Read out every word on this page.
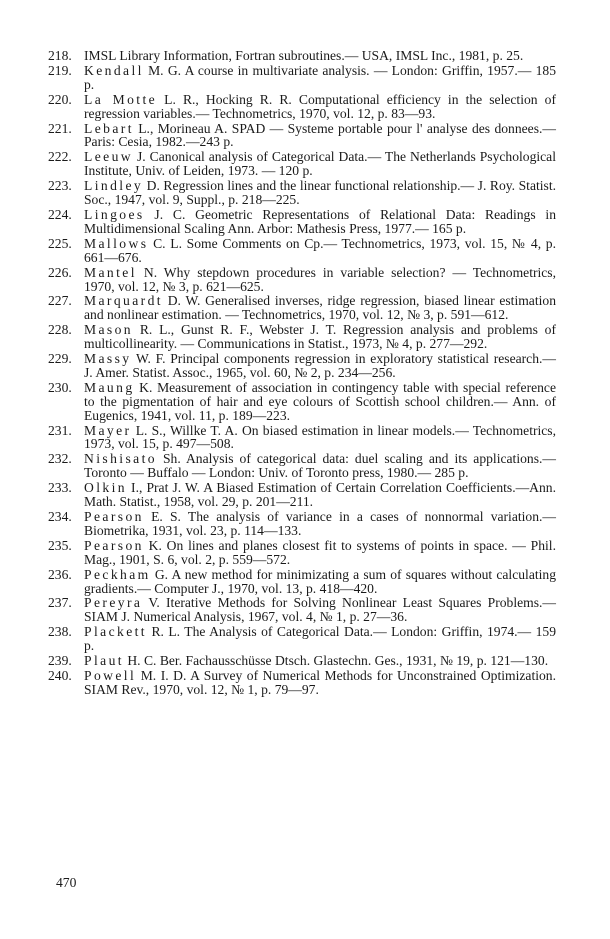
218. IMSL Library Information, Fortran subroutines.— USA, IMSL Inc., 1981, p. 25.
219. Kendall M. G. A course in multivariate analysis. — London: Griffin, 1957.— 185 p.
220. La Motte L. R., Hocking R. R. Computational efficiency in the selection of regression variables.— Technometrics, 1970, vol. 12, p. 83—93.
221. Lebart L., Morineau A. SPAD — Systeme portable pour l' analyse des donnees.— Paris: Cesia, 1982.—243 p.
222. Leeuw J. Canonical analysis of Categorical Data.— The Netherlands Psychological Institute, Univ. of Leiden, 1973. — 120 p.
223. Lindley D. Regression lines and the linear functional relationship.— J. Roy. Statist. Soc., 1947, vol. 9, Suppl., p. 218—225.
224. Lingoes J. C. Geometric Representations of Relational Data: Readings in Multidimensional Scaling Ann. Arbor: Mathesis Press, 1977.— 165 p.
225. Mallows C. L. Some Comments on Cp.— Technometrics, 1973, vol. 15, № 4, p. 661—676.
226. Mantel N. Why stepdown procedures in variable selection? — Technometrics, 1970, vol. 12, № 3, p. 621—625.
227. Marquardt D. W. Generalised inverses, ridge regression, biased linear estimation and nonlinear estimation. — Technometrics, 1970, vol. 12, № 3, p. 591—612.
228. Mason R. L., Gunst R. F., Webster J. T. Regression analysis and problems of multicollinearity. — Communications in Statist., 1973, № 4, p. 277—292.
229. Massy W. F. Principal components regression in exploratory statistical research.— J. Amer. Statist. Assoc., 1965, vol. 60, № 2, p. 234—256.
230. Maung K. Measurement of association in contingency table with special reference to the pigmentation of hair and eye colours of Scottish school children.— Ann. of Eugenics, 1941, vol. 11, p. 189—223.
231. Mayer L. S., Willke T. A. On biased estimation in linear models.— Technometrics, 1973, vol. 15, p. 497—508.
232. Nishisato Sh. Analysis of categorical data: duel scaling and its applications.— Toronto — Buffalo — London: Univ. of Toronto press, 1980.— 285 p.
233. Olkin I., Prat J. W. A Biased Estimation of Certain Correlation Coefficients.—Ann. Math. Statist., 1958, vol. 29, p. 201—211.
234. Pearson E. S. The analysis of variance in a cases of nonnormal variation.— Biometrika, 1931, vol. 23, p. 114—133.
235. Pearson K. On lines and planes closest fit to systems of points in space. — Phil. Mag., 1901, S. 6, vol. 2, p. 559—572.
236. Peckham G. A new method for minimizating a sum of squares without calculating gradients.— Computer J., 1970, vol. 13, p. 418—420.
237. Pereyra V. Iterative Methods for Solving Nonlinear Least Squares Problems.— SIAM J. Numerical Analysis, 1967, vol. 4, № 1, p. 27—36.
238. Plackett R. L. The Analysis of Categorical Data.— London: Griffin, 1974.— 159 p.
239. Plaut H. C. Ber. Fachausschüsse Dtsch. Glastechn. Ges., 1931, № 19, p. 121—130.
240. Powell M. I. D. A Survey of Numerical Methods for Unconstrained Optimization. SIAM Rev., 1970, vol. 12, № 1, p. 79—97.
470
